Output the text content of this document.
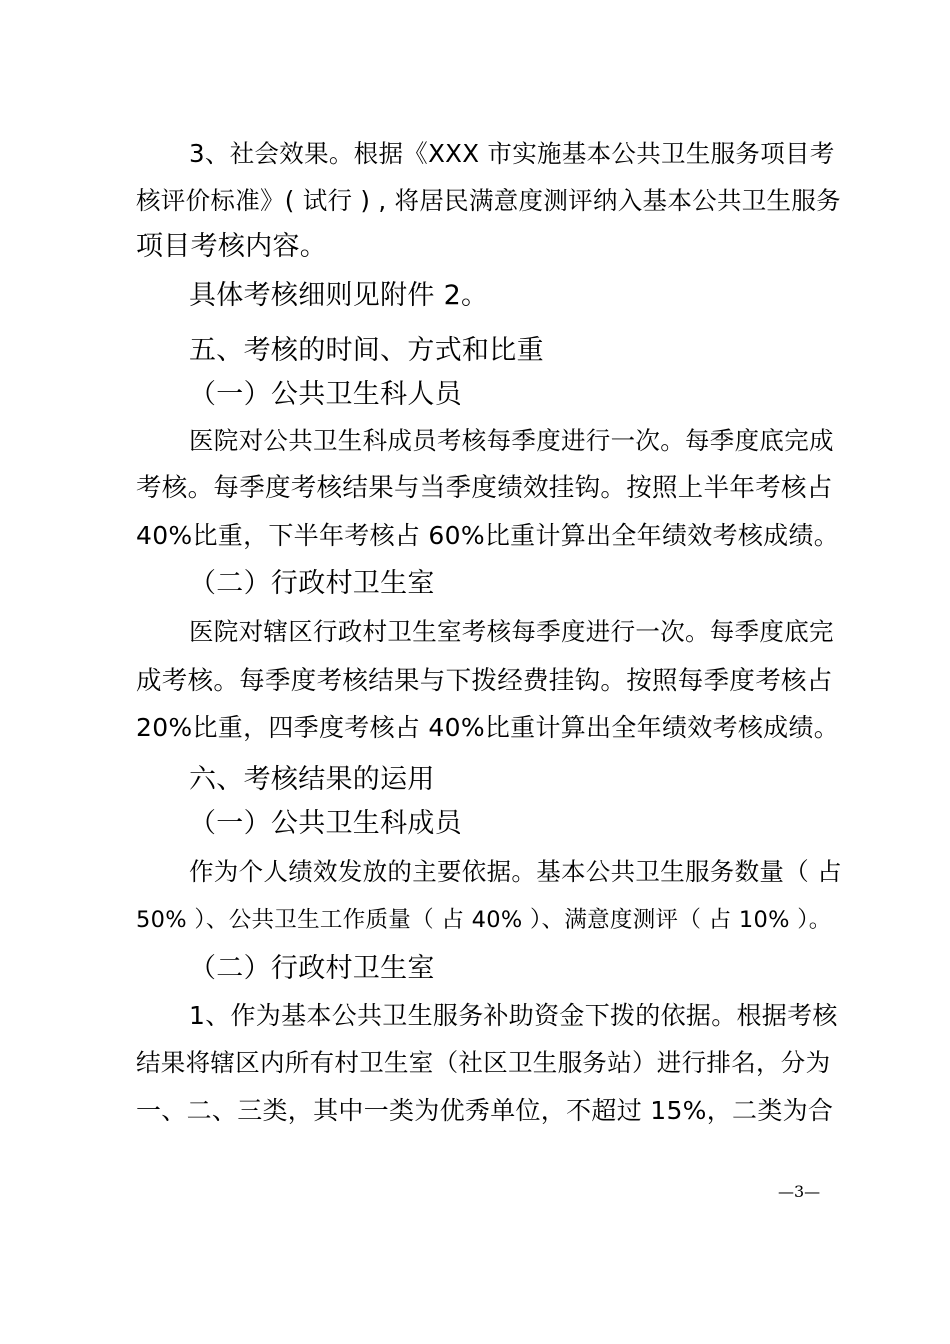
3、社会效果。根据《XXX 市实施基本公共卫生服务项目考
核评价标准》( 试行 ) , 将居民满意度测评纳入基本公共卫生服务
项目考核内容。
具体考核细则见附件 2。
五、考核的时间、方式和比重
（一）公共卫生科人员
医院对公共卫生科成员考核每季度进行一次。每季度底完成
考核。每季度考核结果与当季度绩效挂钩。按照上半年考核占
40%比重，下半年考核占 60%比重计算出全年绩效考核成绩。
（二）行政村卫生室
医院对辖区行政村卫生室考核每季度进行一次。每季度底完
成考核。每季度考核结果与下拨经费挂钩。按照每季度考核占
20%比重，四季度考核占 40%比重计算出全年绩效考核成绩。
六、考核结果的运用
（一）公共卫生科成员
作为个人绩效发放的主要依据。基本公共卫生服务数量（ 占
50% ）、公共卫生工作质量（ 占 40% ）、满意度测评（ 占 10% ）。
（二）行政村卫生室
1、作为基本公共卫生服务补助资金下拨的依据。根据考核
结果将辖区内所有村卫生室（社区卫生服务站）进行排名，分为
一、二、三类，其中一类为优秀单位，不超过 15%，二类为合
—3—
